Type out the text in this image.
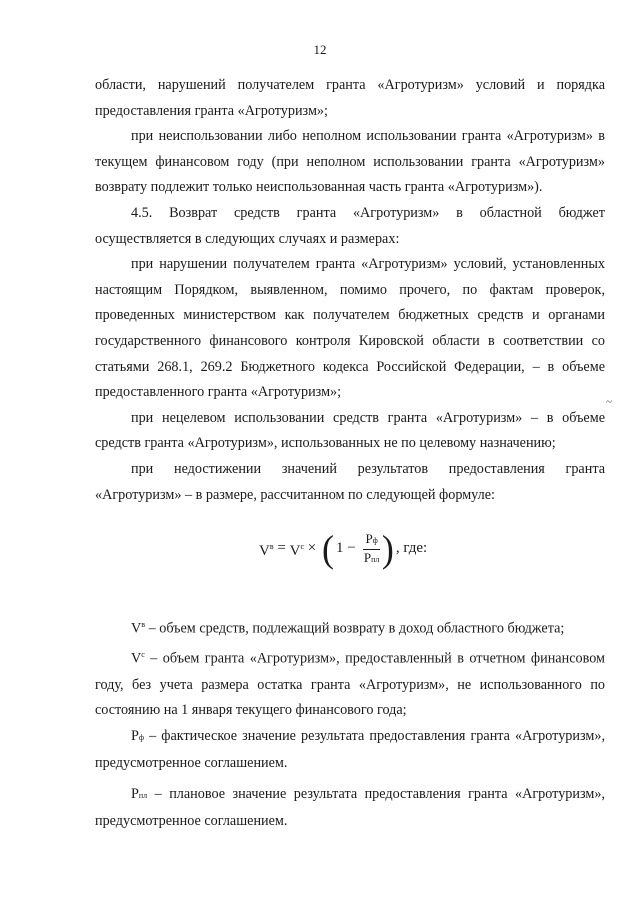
12

области, нарушений получателем гранта «Агротуризм» условий и порядка предоставления гранта «Агротуризм»;

при неиспользовании либо неполном использовании гранта «Агротуризм» в текущем финансовом году (при неполном использовании гранта «Агротуризм» возврату подлежит только неиспользованная часть гранта «Агротуризм»).

4.5. Возврат средств гранта «Агротуризм» в областной бюджет осуществляется в следующих случаях и размерах:

при нарушении получателем гранта «Агротуризм» условий, установленных настоящим Порядком, выявленном, помимо прочего, по фактам проверок, проведенных министерством как получателем бюджетных средств и органами государственного финансового контроля Кировской области в соответствии со статьями 268.1, 269.2 Бюджетного кодекса Российской Федерации, – в объеме предоставленного гранта «Агротуризм»;

при нецелевом использовании средств гранта «Агротуризм» – в объеме средств гранта «Агротуризм», использованных не по целевому назначению;

при недостижении значений результатов предоставления гранта «Агротуризм» – в размере, рассчитанном по следующей формуле:

$V^в = V^c$ × ( $1 - \frac{Рф}{\text{Рпл}}$ ) , где:

$V^в$ – объем средств, подлежащий возврату в доход областного бюджета;

$V^с$ – объем гранта «Агротуризм», предоставленный в отчетном финансовом году, без учета размера остатка гранта «Агротуризм», не использованного по состоянию на 1 января текущего финансового года;

Рф – фактическое значение результата предоставления гранта «Агротуризм», предусмотренное соглашением.

Рпл – плановое значение результата предоставления гранта «Агротуризм», предусмотренное соглашением.

~
